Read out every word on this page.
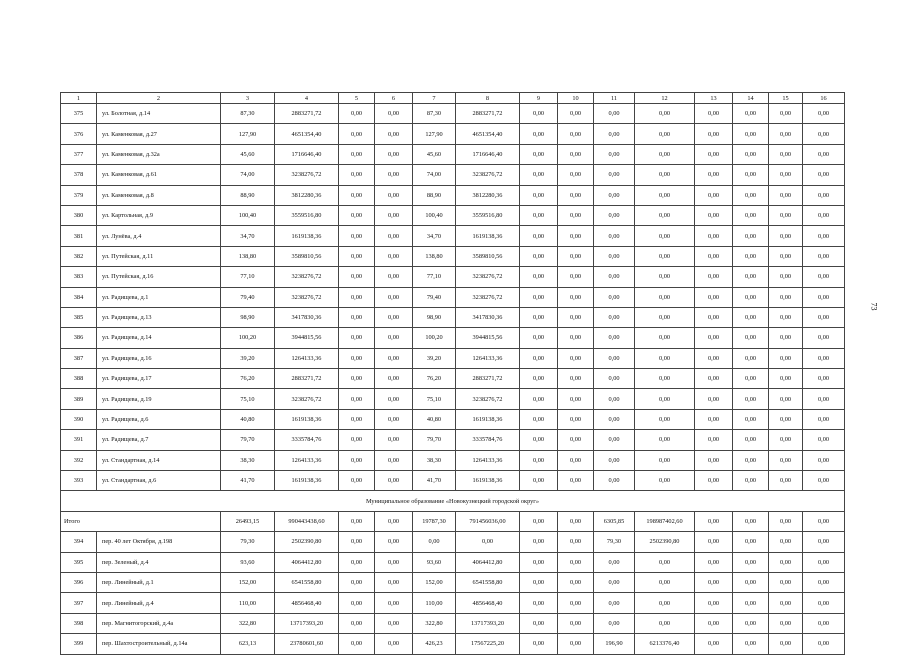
1	2	3	4	5	6	7	8	9	10	11	12	13	14	15	16
375	ул. Болотная, д.14	87,30	2883271,72	0,00	0,00	87,30	2883271,72	0,00	0,00	0,00	0,00	0,00	0,00	0,00	0,00
376	ул. Каменковая, д.27	127,90	4651354,40	0,00	0,00	127,90	4651354,40	0,00	0,00	0,00	0,00	0,00	0,00	0,00	0,00
377	ул. Каменковая, д.32а	45,60	1716646,40	0,00	0,00	45,60	1716646,40	0,00	0,00	0,00	0,00	0,00	0,00	0,00	0,00
378	ул. Каменковая, д.61	74,00	3238276,72	0,00	0,00	74,00	3238276,72	0,00	0,00	0,00	0,00	0,00	0,00	0,00	0,00
379	ул. Каменковая, д.8	88,90	3812280,36	0,00	0,00	88,90	3812280,36	0,00	0,00	0,00	0,00	0,00	0,00	0,00	0,00
380	ул. Картольная, д.9	100,40	3559516,80	0,00	0,00	100,40	3559516,80	0,00	0,00	0,00	0,00	0,00	0,00	0,00	0,00
381	ул. Лунёва, д.4	34,70	1619138,36	0,00	0,00	34,70	1619138,36	0,00	0,00	0,00	0,00	0,00	0,00	0,00	0,00
382	ул. Путейская, д.11	138,80	3589810,56	0,00	0,00	138,80	3589810,56	0,00	0,00	0,00	0,00	0,00	0,00	0,00	0,00
383	ул. Путейская, д.16	77,10	3238276,72	0,00	0,00	77,10	3238276,72	0,00	0,00	0,00	0,00	0,00	0,00	0,00	0,00
384	ул. Радищева, д.1	79,40	3238276,72	0,00	0,00	79,40	3238276,72	0,00	0,00	0,00	0,00	0,00	0,00	0,00	0,00
385	ул. Радищева, д.13	98,90	3417830,36	0,00	0,00	98,90	3417830,36	0,00	0,00	0,00	0,00	0,00	0,00	0,00	0,00
386	ул. Радищева, д.14	100,20	3944815,56	0,00	0,00	100,20	3944815,56	0,00	0,00	0,00	0,00	0,00	0,00	0,00	0,00
387	ул. Радищева, д.16	39,20	1264133,36	0,00	0,00	39,20	1264133,36	0,00	0,00	0,00	0,00	0,00	0,00	0,00	0,00
388	ул. Радищева, д.17	76,20	2883271,72	0,00	0,00	76,20	2883271,72	0,00	0,00	0,00	0,00	0,00	0,00	0,00	0,00
389	ул. Радищева, д.19	75,10	3238276,72	0,00	0,00	75,10	3238276,72	0,00	0,00	0,00	0,00	0,00	0,00	0,00	0,00
390	ул. Радищева, д.6	40,80	1619138,36	0,00	0,00	40,80	1619138,36	0,00	0,00	0,00	0,00	0,00	0,00	0,00	0,00
391	ул. Радищева, д.7	79,70	3335784,76	0,00	0,00	79,70	3335784,76	0,00	0,00	0,00	0,00	0,00	0,00	0,00	0,00
392	ул. Стандартная, д.14	38,30	1264133,36	0,00	0,00	38,30	1264133,36	0,00	0,00	0,00	0,00	0,00	0,00	0,00	0,00
393	ул. Стандартная, д.6	41,70	1619138,36	0,00	0,00	41,70	1619138,36	0,00	0,00	0,00	0,00	0,00	0,00	0,00	0,00
Муниципальное образование «Новокузнецкий городской округ»															
Итого		26493,15	990443438,60	0,00	0,00	19787,30	791456036,00	0,00	0,00	6305,85	198987402,60	0,00	0,00	0,00	0,00
394	пер. 40 лет Октября, д.198	79,30	2502390,80	0,00	0,00	0,00	0,00	0,00	0,00	79,30	2502390,80	0,00	0,00	0,00	0,00
395	пер. Зеленый, д.4	93,60	4064412,80	0,00	0,00	93,60	4064412,80	0,00	0,00	0,00	0,00	0,00	0,00	0,00	0,00
396	пер. Линейный, д.1	152,00	6541558,80	0,00	0,00	152,00	6541558,80	0,00	0,00	0,00	0,00	0,00	0,00	0,00	0,00
397	пер. Линейный, д.4	110,00	4856468,40	0,00	0,00	110,00	4856468,40	0,00	0,00	0,00	0,00	0,00	0,00	0,00	0,00
398	пер. Магнитогорский, д.4а	322,80	13717393,20	0,00	0,00	322,80	13717393,20	0,00	0,00	0,00	0,00	0,00	0,00	0,00	0,00
399	пер. Шахтостроительный, д.14а	623,13	23780601,60	0,00	0,00	426,23	17567225,20	0,00	0,00	196,90	6213376,40	0,00	0,00	0,00	0,00
73
